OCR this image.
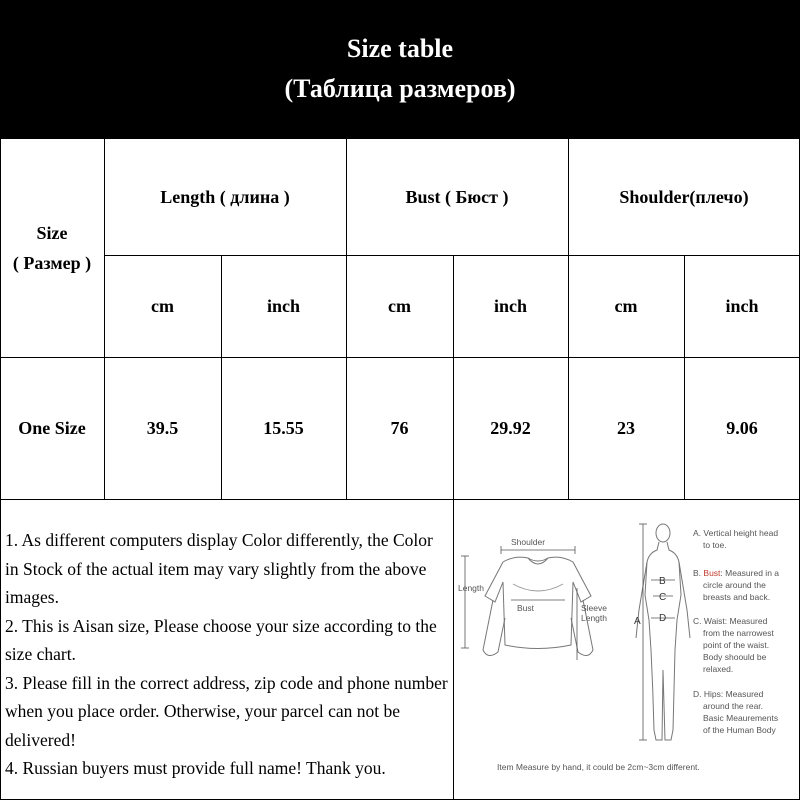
Size table
(Таблица размеров)
Size
( Размер )
Length ( длина )	Bust ( Бюст )	Shoulder(плечо)
cm	inch	cm	inch	cm	inch
One Size	39.5	15.55	76	29.92	23	9.06

1. As different computers display Color differently, the Color in Stock of the actual item may vary slightly from the above images.

2. This is Aisan size, Please choose your size according to the size chart.

3. Please fill in the correct address, zip code and phone number when you place order. Otherwise, your parcel can not be delivered!

4. Russian buyers must provide full name! Thank you.

Shoulder
Length
Bust	Sleeve
Length	A
B
C
D
A. Vertical height head
to toe.
B. Bust: Measured in a
circle around the
breasts and back.
C. Waist: Measured
from the narrowest
point of the waist.
Body shoould be
relaxed.
D. Hips: Measured
around the rear.
Basic Meaurements
of the Human Body
Item Measure by hand, it could be 2cm~3cm different.
